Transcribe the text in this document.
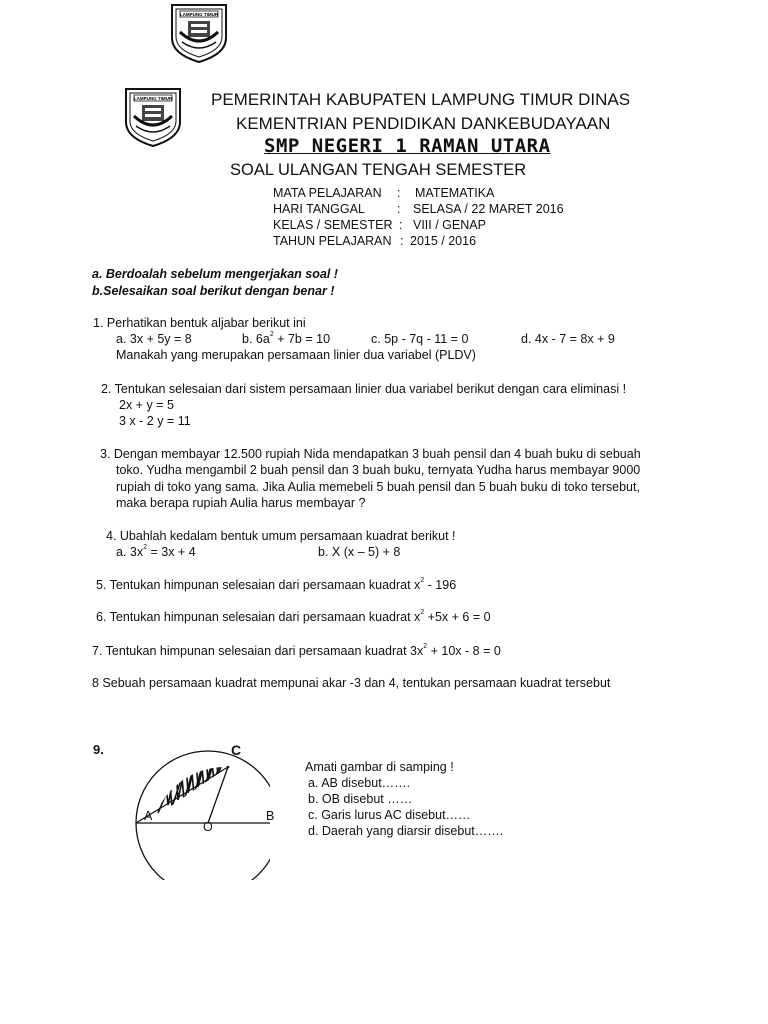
LAMPUNG TIMUR
LAMPUNG TIMUR PEMERINTAH KABUPATEN LAMPUNG TIMUR DINAS
KEMENTRIAN PENDIDIKAN DANKEBUDAYAAN
SMP NEGERI 1 RAMAN UTARA
SOAL ULANGAN TENGAH SEMESTER
MATA PELAJARAN : MATEMATIKA
HARI TANGGAL	: SELASA / 22 MARET 2016
KELAS / SEMESTER : VIII / GENAP
TAHUN PELAJARAN : 2015 / 2016
a. Berdoalah sebelum mengerjakan soal !
b.Selesaikan soal berikut dengan benar !
1. Perhatikan bentuk aljabar berikut ini
a. 3x + 5y = 8	b. $6a^2 + 7b = 10$	c. 5p - 7q - 11 = 0	d. 4x - 7 = 8x + 9
Manakah yang merupakan persamaan linier dua variabel (PLDV)
2. Tentukan selesaian dari sistem persamaan linier dua variabel berikut dengan cara eliminasi !
2x + y = 5
3 x - 2 y = 11
3. Dengan membayar 12.500 rupiah Nida mendapatkan 3 buah pensil dan 4 buah buku di sebuah
toko. Yudha mengambil 2 buah pensil dan 3 buah buku, ternyata Yudha harus membayar 9000
rupiah di toko yang sama. Jika Aulia memebeli 5 buah pensil dan 5 buah buku di toko tersebut,
maka berapa rupiah Aulia harus membayar ?
4. Ubahlah kedalam bentuk umum persamaan kuadrat berikut !
a. $3x^2 = 3x + 4$	b. X (x – 5) + 8
5. Tentukan himpunan selesaian dari persamaan kuadrat $x^2 - 196$
6. Tentukan himpunan selesaian dari persamaan kuadrat $x^2 +5x + 6 = 0$
7. Tentukan himpunan selesaian dari persamaan kuadrat $3x^2 + 10x - 8 = 0$
8 Sebuah persamaan kuadrat mempunai akar -3 dan 4, tentukan persamaan kuadrat tersebut
9.	C
A	B
O
Amati gambar di samping !
a. AB disebut…….
b. OB disebut ……
c. Garis lurus AC disebut……
d. Daerah yang diarsir disebut…….
